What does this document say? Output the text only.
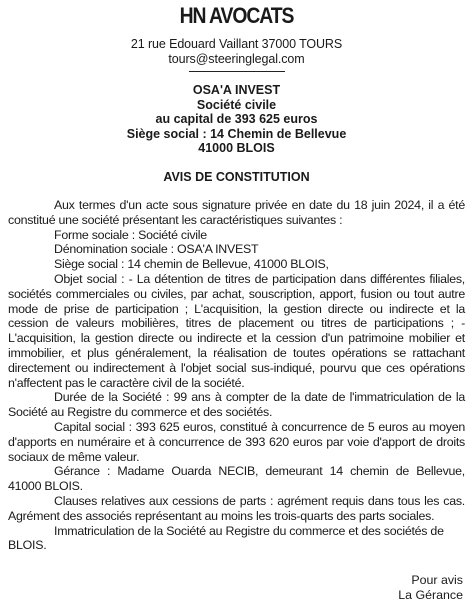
HN AVOCATS
21 rue Edouard Vaillant 37000 TOURS
tours@steeringlegal.com
OSA'A INVEST
Société civile
au capital de 393 625 euros
Siège social : 14 Chemin de Bellevue
41000 BLOIS
AVIS DE CONSTITUTION

Aux termes d'un acte sous signature privée en date du 18 juin 2024, il a été constitué une société présentant les caractéristiques suivantes :

Forme sociale : Société civile

Dénomination sociale : OSA'A INVEST

Siège social : 14 chemin de Bellevue, 41000 BLOIS,

Objet social : - La détention de titres de participation dans différentes filiales, sociétés commerciales ou civiles, par achat, souscription, apport, fusion ou tout autre mode de prise de participation ; L'acquisition, la gestion directe ou indirecte et la cession de valeurs mobilières, titres de placement ou titres de participations ; - L'acquisition, la gestion directe ou indirecte et la cession d'un patrimoine mobilier et immobilier, et plus généralement, la réalisation de toutes opérations se rattachant directement ou indirectement à l'objet social sus-indiqué, pourvu que ces opérations n'affectent pas le caractère civil de la société.

Durée de la Société : 99 ans à compter de la date de l'immatriculation de la Société au Registre du commerce et des sociétés.

Capital social : 393 625 euros, constitué à concurrence de 5 euros au moyen d'apports en numéraire et à concurrence de 393 620 euros par voie d'apport de droits sociaux de même valeur.

Gérance : Madame Ouarda NECIB, demeurant 14 chemin de Bellevue, 41000 BLOIS.

Clauses relatives aux cessions de parts : agrément requis dans tous les cas. Agrément des associés représentant au moins les trois-quarts des parts sociales.

Immatriculation de la Société au Registre du commerce et des sociétés de BLOIS.

Pour avis
La Gérance
